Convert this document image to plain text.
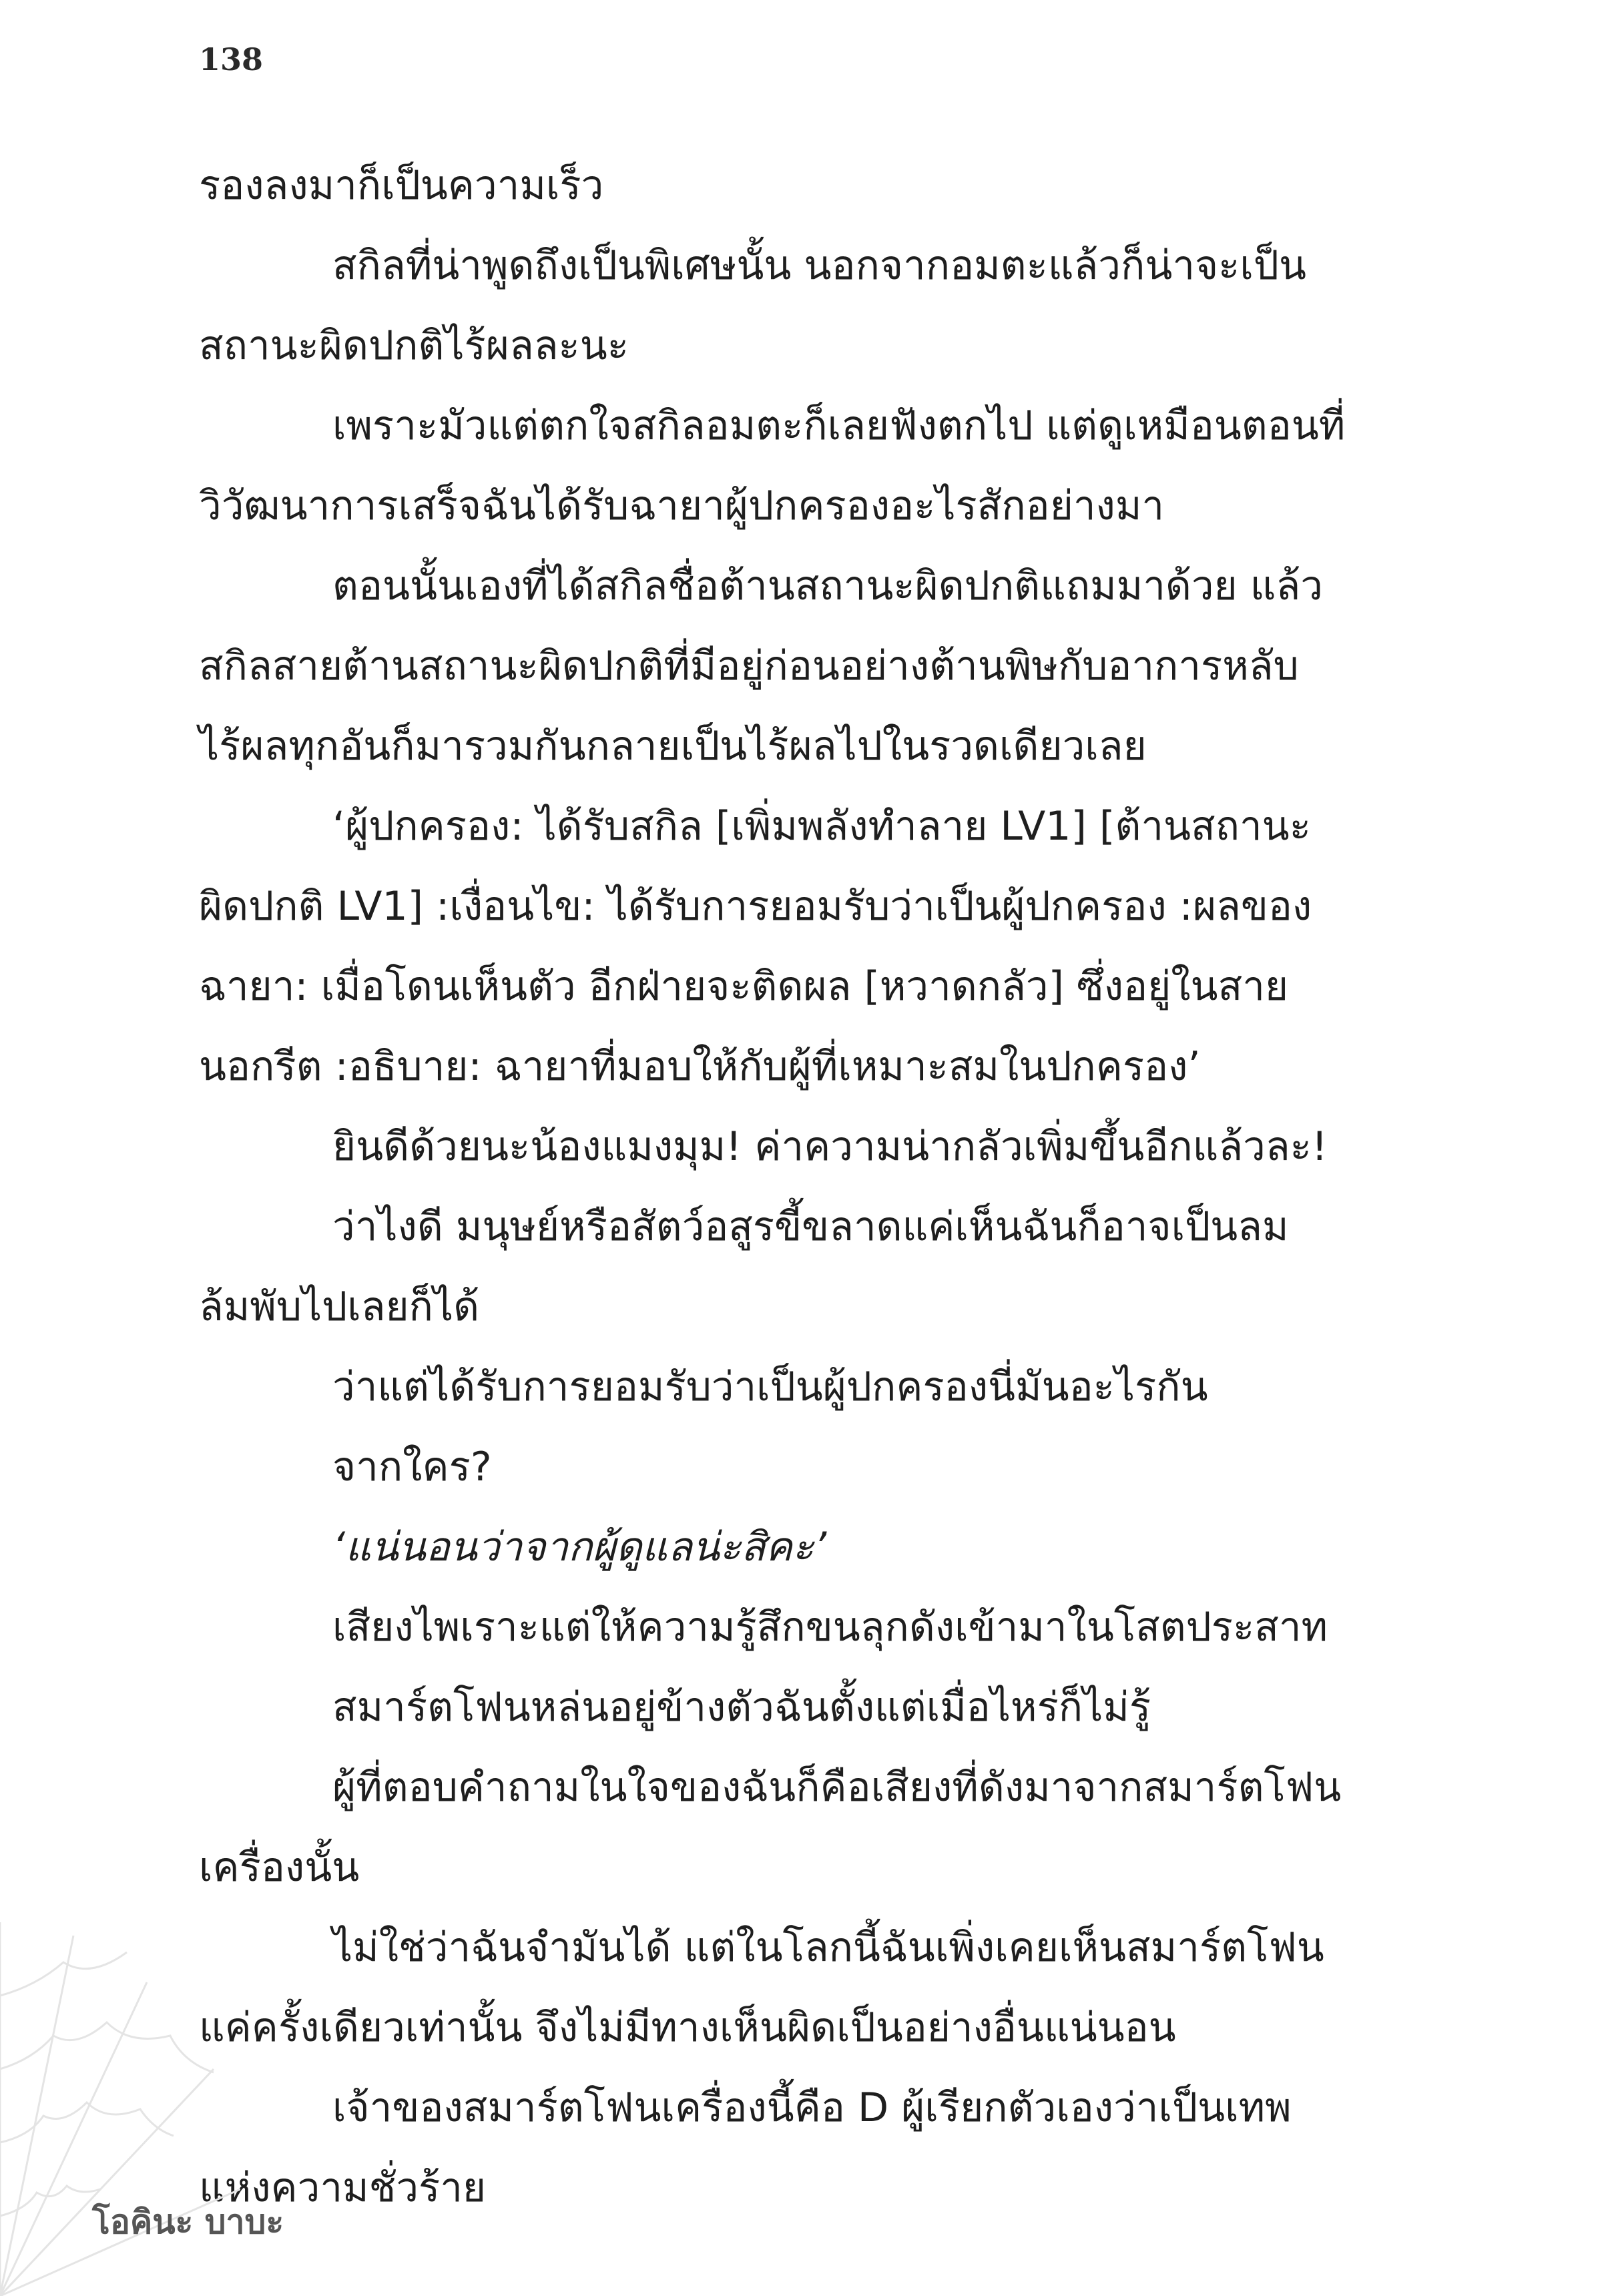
138
รองลงมาก็เป็นความเร็ว
สกิลที่น่าพูดถึงเป็นพิเศษนั้น นอกจากอมตะแล้วก็น่าจะเป็น
สถานะผิดปกติไร้ผลละนะ
เพราะมัวแต่ตกใจสกิลอมตะก็เลยฟังตกไป แต่ดูเหมือนตอนที่
วิวัฒนาการเสร็จฉันได้รับฉายาผู้ปกครองอะไรสักอย่างมา
ตอนนั้นเองที่ได้สกิลชื่อต้านสถานะผิดปกติแถมมาด้วย แล้ว
สกิลสายต้านสถานะผิดปกติที่มีอยู่ก่อนอย่างต้านพิษกับอาการหลับ
ไร้ผลทุกอันก็มารวมกันกลายเป็นไร้ผลไปในรวดเดียวเลย
‘ผู้ปกครอง: ได้รับสกิล [เพิ่มพลังทำลาย LV1] [ต้านสถานะ
ผิดปกติ LV1] :เงื่อนไข: ได้รับการยอมรับว่าเป็นผู้ปกครอง :ผลของ
ฉายา: เมื่อโดนเห็นตัว อีกฝ่ายจะติดผล [หวาดกลัว] ซึ่งอยู่ในสาย
นอกรีต :อธิบาย: ฉายาที่มอบให้กับผู้ที่เหมาะสมในปกครอง’
ยินดีด้วยนะน้องแมงมุม! ค่าความน่ากลัวเพิ่มขึ้นอีกแล้วละ!
ว่าไงดี มนุษย์หรือสัตว์อสูรขี้ขลาดแค่เห็นฉันก็อาจเป็นลม
ล้มพับไปเลยก็ได้
ว่าแต่ได้รับการยอมรับว่าเป็นผู้ปกครองนี่มันอะไรกัน
จากใคร?
‘แน่นอนว่าจากผู้ดูแลน่ะสิคะ’
เสียงไพเราะแต่ให้ความรู้สึกขนลุกดังเข้ามาในโสตประสาท
สมาร์ตโฟนหล่นอยู่ข้างตัวฉันตั้งแต่เมื่อไหร่ก็ไม่รู้
ผู้ที่ตอบคำถามในใจของฉันก็คือเสียงที่ดังมาจากสมาร์ตโฟน
เครื่องนั้น
ไม่ใช่ว่าฉันจำมันได้ แต่ในโลกนี้ฉันเพิ่งเคยเห็นสมาร์ตโฟน
แค่ครั้งเดียวเท่านั้น จึงไม่มีทางเห็นผิดเป็นอย่างอื่นแน่นอน
เจ้าของสมาร์ตโฟนเครื่องนี้คือ D ผู้เรียกตัวเองว่าเป็นเทพ
แห่งความชั่วร้าย
โอคินะ บาบะ
